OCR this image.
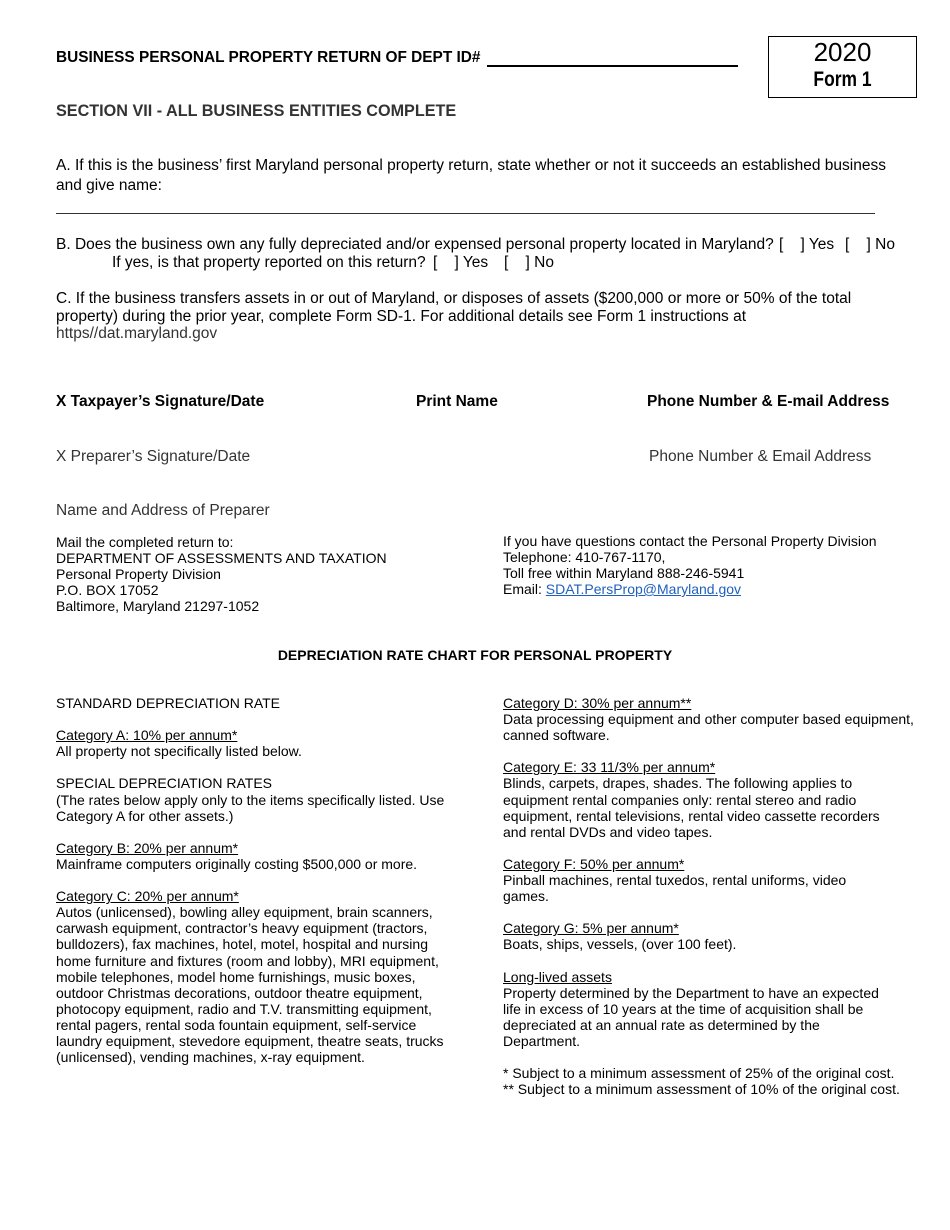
BUSINESS PERSONAL PROPERTY RETURN OF DEPT ID#	2020
Form 1
SECTION VII - ALL BUSINESS ENTITIES COMPLETE
A. If this is the business’ first Maryland personal property return, state whether or not it succeeds an established business
and give name:
B. Does the business own any fully depreciated and/or expensed personal property located in Maryland? [    ] Yes [    ] No
If yes, is that property reported on this return? [    ] Yes [    ] No
C. If the business transfers assets in or out of Maryland, or disposes of assets ($200,000 or more or 50% of the total
property) during the prior year, complete Form SD-1. For additional details see Form 1 instructions at
https//dat.maryland.gov
X Taxpayer’s Signature/Date	Print Name	Phone Number & E-mail Address
X Preparer’s Signature/Date	Phone Number & Email Address
Name and Address of Preparer
Mail the completed return to:
DEPARTMENT OF ASSESSMENTS AND TAXATION
Personal Property Division
P.O. BOX 17052
Baltimore, Maryland 21297-1052
If you have questions contact the Personal Property Division
Telephone: 410-767-1170,
Toll free within Maryland 888-246-5941
Email: SDAT.PersProp@Maryland.gov
DEPRECIATION RATE CHART FOR PERSONAL PROPERTY
STANDARD DEPRECIATION RATE
Category A: 10% per annum*
All property not specifically listed below.
SPECIAL DEPRECIATION RATES
(The rates below apply only to the items specifically listed. Use
Category A for other assets.)
Category B: 20% per annum*
Mainframe computers originally costing $500,000 or more.
Category C: 20% per annum*
Autos (unlicensed), bowling alley equipment, brain scanners,
carwash equipment, contractor’s heavy equipment (tractors,
bulldozers), fax machines, hotel, motel, hospital and nursing
home furniture and fixtures (room and lobby), MRI equipment,
mobile telephones, model home furnishings, music boxes,
outdoor Christmas decorations, outdoor theatre equipment,
photocopy equipment, radio and T.V. transmitting equipment,
rental pagers, rental soda fountain equipment, self-service
laundry equipment, stevedore equipment, theatre seats, trucks
(unlicensed), vending machines, x-ray equipment.
Category D: 30% per annum**
Data processing equipment and other computer based equipment,
canned software.
Category E: 33 11/3% per annum*
Blinds, carpets, drapes, shades. The following applies to
equipment rental companies only: rental stereo and radio
equipment, rental televisions, rental video cassette recorders
and rental DVDs and video tapes.
Category F: 50% per annum*
Pinball machines, rental tuxedos, rental uniforms, video
games.
Category G: 5% per annum*
Boats, ships, vessels, (over 100 feet).
Long-lived assets
Property determined by the Department to have an expected
life in excess of 10 years at the time of acquisition shall be
depreciated at an annual rate as determined by the
Department.
* Subject to a minimum assessment of 25% of the original cost.
** Subject to a minimum assessment of 10% of the original cost.
